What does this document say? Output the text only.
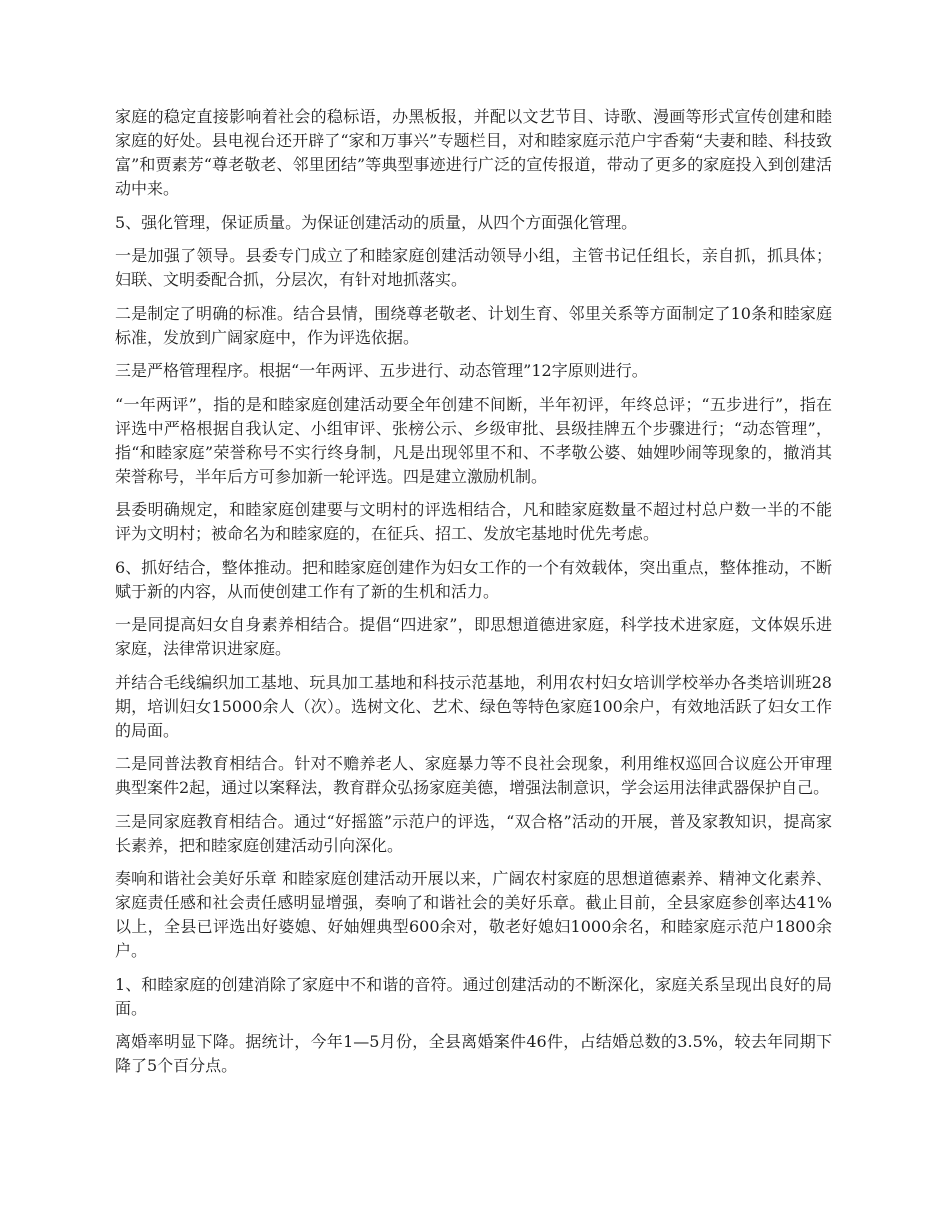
家庭的稳定直接影响着社会的稳标语，办黑板报，并配以文艺节目、诗歌、漫画等形式宣传创建和睦家庭的好处。县电视台还开辟了“家和万事兴”专题栏目，对和睦家庭示范户宇香菊“夫妻和睦、科技致富”和贾素芳“尊老敬老、邻里团结”等典型事迹进行广泛的宣传报道，带动了更多的家庭投入到创建活动中来。

5、强化管理，保证质量。为保证创建活动的质量，从四个方面强化管理。

一是加强了领导。县委专门成立了和睦家庭创建活动领导小组，主管书记任组长，亲自抓，抓具体；妇联、文明委配合抓，分层次，有针对地抓落实。

二是制定了明确的标准。结合县情，围绕尊老敬老、计划生育、邻里关系等方面制定了10条和睦家庭标准，发放到广阔家庭中，作为评选依据。

三是严格管理程序。根据“一年两评、五步进行、动态管理”12字原则进行。

“一年两评”，指的是和睦家庭创建活动要全年创建不间断，半年初评，年终总评；“五步进行”，指在评选中严格根据自我认定、小组审评、张榜公示、乡级审批、县级挂牌五个步骤进行；“动态管理”，指“和睦家庭”荣誉称号不实行终身制，凡是出现邻里不和、不孝敬公婆、妯娌吵闹等现象的，撤消其荣誉称号，半年后方可参加新一轮评选。四是建立激励机制。

县委明确规定，和睦家庭创建要与文明村的评选相结合，凡和睦家庭数量不超过村总户数一半的不能评为文明村；被命名为和睦家庭的，在征兵、招工、发放宅基地时优先考虑。

6、抓好结合，整体推动。把和睦家庭创建作为妇女工作的一个有效载体，突出重点，整体推动，不断赋于新的内容，从而使创建工作有了新的生机和活力。

一是同提高妇女自身素养相结合。提倡“四进家”，即思想道德进家庭，科学技术进家庭，文体娱乐进家庭，法律常识进家庭。

并结合毛线编织加工基地、玩具加工基地和科技示范基地，利用农村妇女培训学校举办各类培训班28期，培训妇女15000余人（次）。选树文化、艺术、绿色等特色家庭100余户，有效地活跃了妇女工作的局面。

二是同普法教育相结合。针对不赡养老人、家庭暴力等不良社会现象，利用维权巡回合议庭公开审理典型案件2起，通过以案释法，教育群众弘扬家庭美德，增强法制意识，学会运用法律武器保护自己。

三是同家庭教育相结合。通过“好摇篮”示范户的评选，“双合格”活动的开展，普及家教知识，提高家长素养，把和睦家庭创建活动引向深化。

奏响和谐社会美好乐章 和睦家庭创建活动开展以来，广阔农村家庭的思想道德素养、精神文化素养、家庭责任感和社会责任感明显增强，奏响了和谐社会的美好乐章。截止目前，全县家庭参创率达41%以上，全县已评选出好婆媳、好妯娌典型600余对，敬老好媳妇1000余名，和睦家庭示范户1800余户。

1、和睦家庭的创建消除了家庭中不和谐的音符。通过创建活动的不断深化，家庭关系呈现出良好的局面。

离婚率明显下降。据统计，今年1—5月份，全县离婚案件46件，占结婚总数的3.5%，较去年同期下降了5个百分点。
